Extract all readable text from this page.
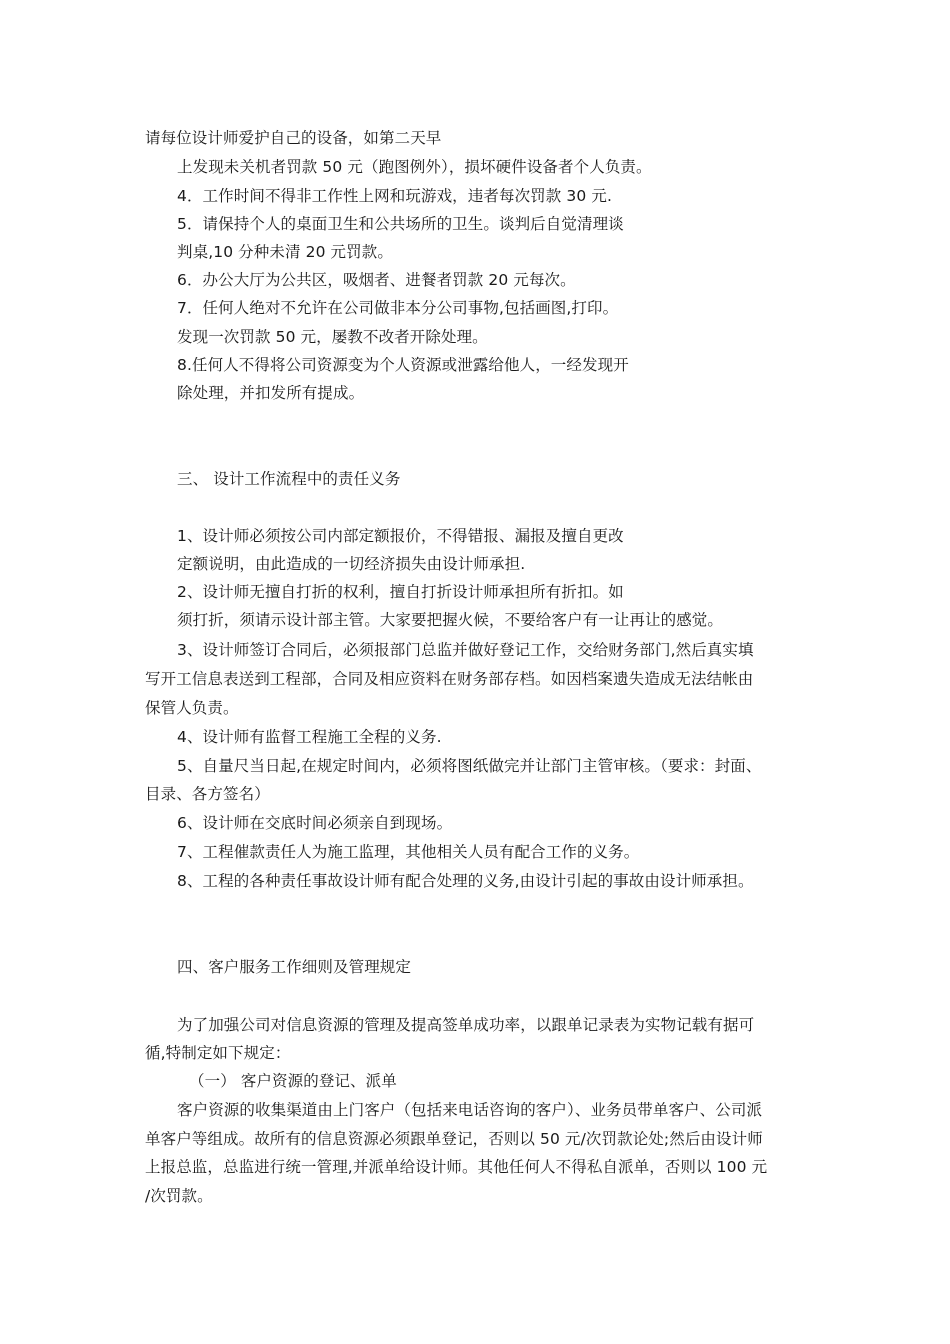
请每位设计师爱护自己的设备，如第二天早
上发现未关机者罚款 50 元（跑图例外），损坏硬件设备者个人负责。
4．工作时间不得非工作性上网和玩游戏，违者每次罚款 30 元.
5．请保持个人的桌面卫生和公共场所的卫生。谈判后自觉清理谈
判桌,10 分种未清 20 元罚款。
6．办公大厅为公共区，吸烟者、进餐者罚款 20 元每次。
7．任何人绝对不允许在公司做非本分公司事物,包括画图,打印。
发现一次罚款 50 元，屡教不改者开除处理。
8.任何人不得将公司资源变为个人资源或泄露给他人，一经发现开
除处理，并扣发所有提成。
三、 设计工作流程中的责任义务
1、设计师必须按公司内部定额报价，不得错报、漏报及擅自更改
定额说明，由此造成的一切经济损失由设计师承担.
2、设计师无擅自打折的权利，擅自打折设计师承担所有折扣。如
须打折，须请示设计部主管。大家要把握火候，不要给客户有一让再让的感觉。
3、设计师签订合同后，必须报部门总监并做好登记工作，交给财务部门,然后真实填
写开工信息表送到工程部，合同及相应资料在财务部存档。如因档案遗失造成无法结帐由
保管人负责。
4、设计师有监督工程施工全程的义务.
5、自量尺当日起,在规定时间内，必须将图纸做完并让部门主管审核。（要求：封面、
目录、各方签名）
6、设计师在交底时间必须亲自到现场。
7、工程催款责任人为施工监理，其他相关人员有配合工作的义务。
8、工程的各种责任事故设计师有配合处理的义务,由设计引起的事故由设计师承担。
四、客户服务工作细则及管理规定
为了加强公司对信息资源的管理及提高签单成功率，以跟单记录表为实物记载有据可
循,特制定如下规定：
（一） 客户资源的登记、派单
客户资源的收集渠道由上门客户（包括来电话咨询的客户）、业务员带单客户、公司派
单客户等组成。故所有的信息资源必须跟单登记，否则以 50 元/次罚款论处;然后由设计师
上报总监，总监进行统一管理,并派单给设计师。其他任何人不得私自派单，否则以 100 元
/次罚款。
